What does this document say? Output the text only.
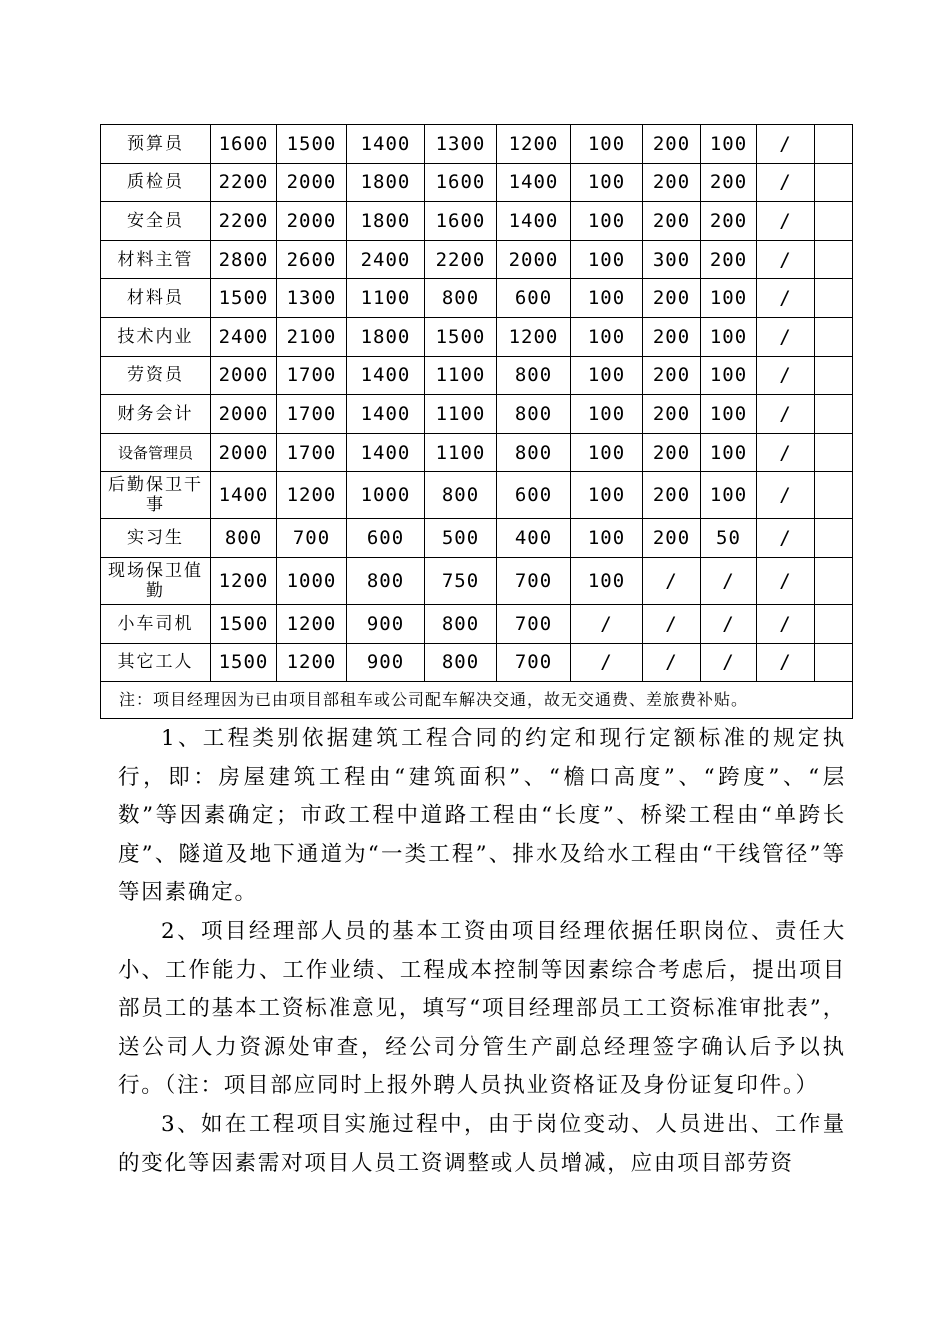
预算员	1600	1500	1400	1300	1200	100	200	100	/	
质检员	2200	2000	1800	1600	1400	100	200	200	/	
安全员	2200	2000	1800	1600	1400	100	200	200	/	
材料主管	2800	2600	2400	2200	2000	100	300	200	/	
材料员	1500	1300	1100	800	600	100	200	100	/	
技术内业	2400	2100	1800	1500	1200	100	200	100	/	
劳资员	2000	1700	1400	1100	800	100	200	100	/	
财务会计	2000	1700	1400	1100	800	100	200	100	/	
设备管理员	2000	1700	1400	1100	800	100	200	100	/	
后勤保卫干事	1400	1200	1000	800	600	100	200	100	/	
实习生	800	700	600	500	400	100	200	50	/	
现场保卫值勤	1200	1000	800	750	700	100	/	/	/	
小车司机	1500	1200	900	800	700	/	/	/	/	
其它工人	1500	1200	900	800	700	/	/	/	/	
注：项目经理因为已由项目部租车或公司配车解决交通，故无交通费、差旅费补贴。										

1、工程类别依据建筑工程合同的约定和现行定额标准的规定执行，即：房屋建筑工程由“建筑面积”、“檐口高度”、“跨度”、“层数”等因素确定；市政工程中道路工程由“长度”、桥梁工程由“单跨长度”、隧道及地下通道为“一类工程”、排水及给水工程由“干线管径”等等因素确定。

2、项目经理部人员的基本工资由项目经理依据任职岗位、责任大小、工作能力、工作业绩、工程成本控制等因素综合考虑后，提出项目部员工的基本工资标准意见，填写“项目经理部员工工资标准审批表”，送公司人力资源处审查，经公司分管生产副总经理签字确认后予以执行。（注：项目部应同时上报外聘人员执业资格证及身份证复印件。）

3、如在工程项目实施过程中，由于岗位变动、人员进出、工作量的变化等因素需对项目人员工资调整或人员增减，应由项目部劳资
